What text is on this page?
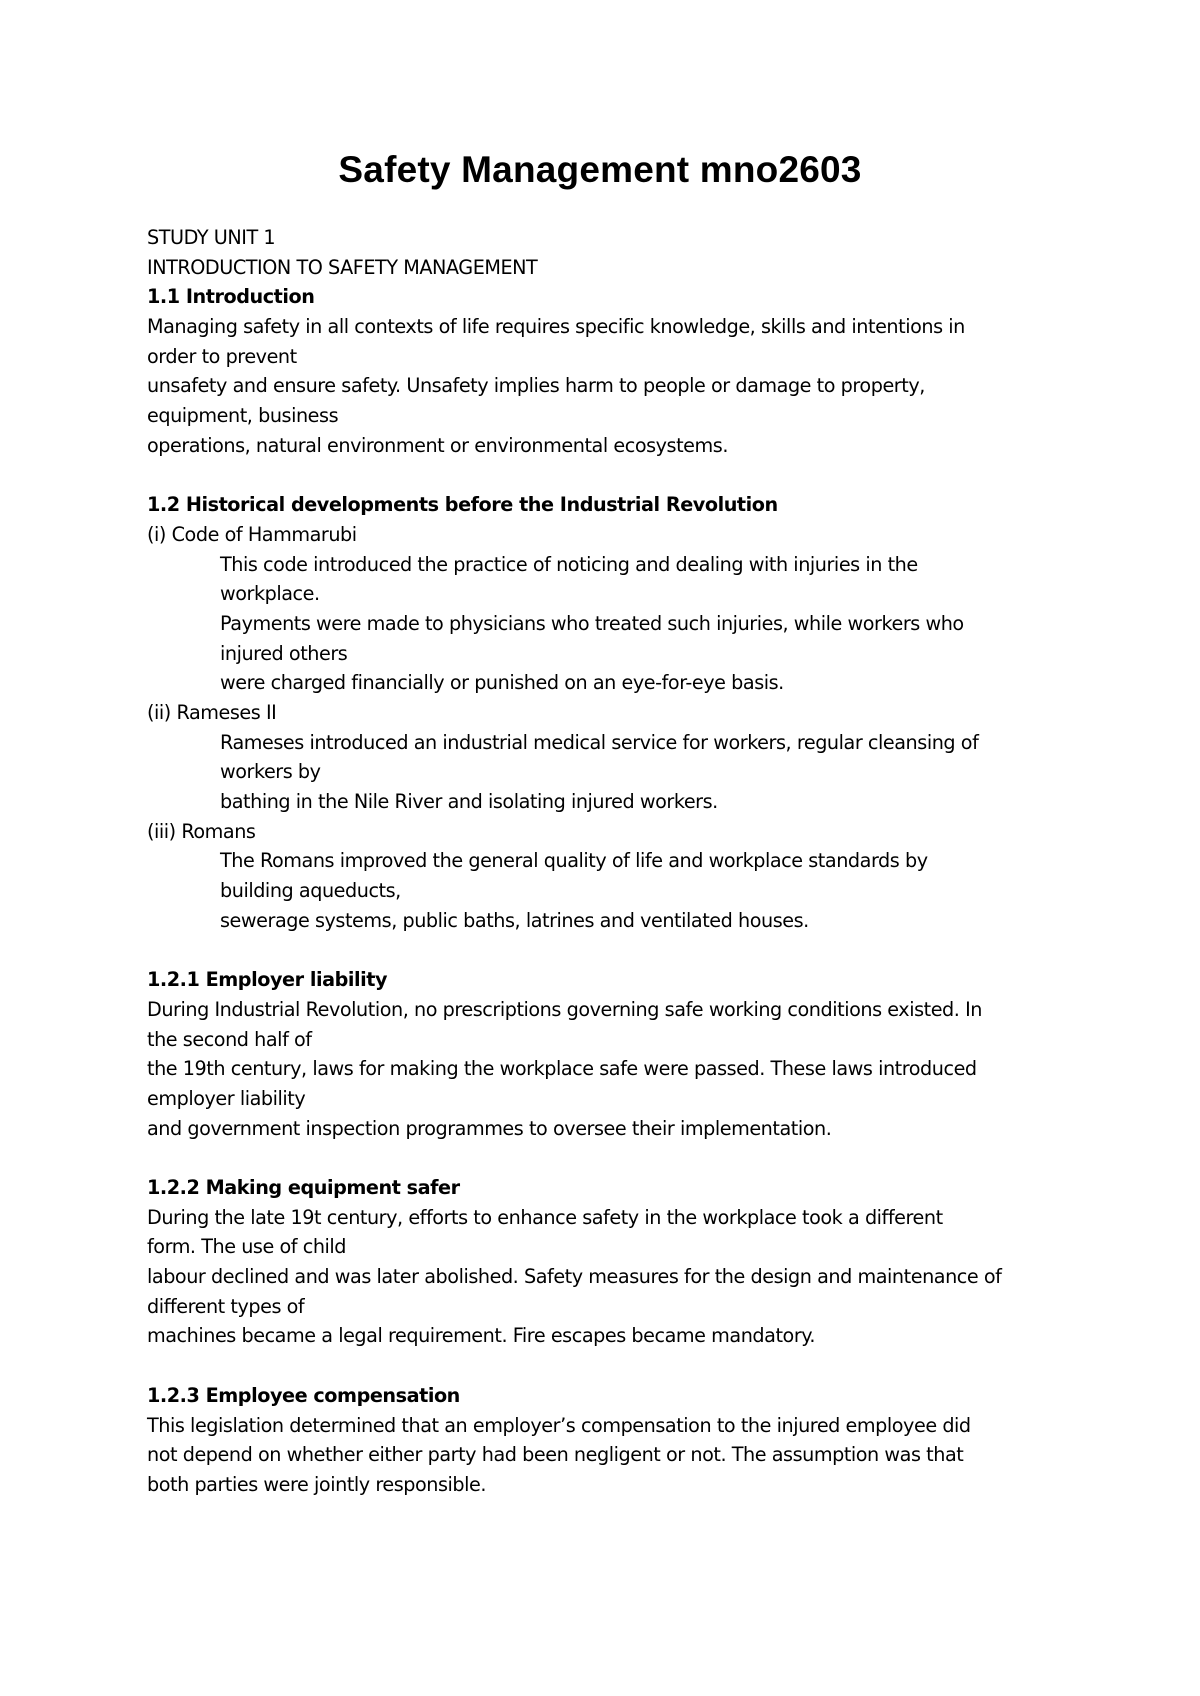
Safety Management mno2603
STUDY UNIT 1
INTRODUCTION TO SAFETY MANAGEMENT
1.1 Introduction
Managing safety in all contexts of life requires specific knowledge, skills and intentions in
order to prevent
unsafety and ensure safety. Unsafety implies harm to people or damage to property,
equipment, business
operations, natural environment or environmental ecosystems.
1.2 Historical developments before the Industrial Revolution
(i) Code of Hammarubi
This code introduced the practice of noticing and dealing with injuries in the
workplace.
Payments were made to physicians who treated such injuries, while workers who
injured others
were charged financially or punished on an eye-for-eye basis.
(ii) Rameses II
Rameses introduced an industrial medical service for workers, regular cleansing of
workers by
bathing in the Nile River and isolating injured workers.
(iii) Romans
The Romans improved the general quality of life and workplace standards by
building aqueducts,
sewerage systems, public baths, latrines and ventilated houses.
1.2.1 Employer liability
During Industrial Revolution, no prescriptions governing safe working conditions existed. In
the second half of
the 19th century, laws for making the workplace safe were passed. These laws introduced
employer liability
and government inspection programmes to oversee their implementation.
1.2.2 Making equipment safer
During the late 19t century, efforts to enhance safety in the workplace took a different
form. The use of child
labour declined and was later abolished. Safety measures for the design and maintenance of
different types of
machines became a legal requirement. Fire escapes became mandatory.
1.2.3 Employee compensation
This legislation determined that an employer’s compensation to the injured employee did
not depend on whether either party had been negligent or not. The assumption was that
both parties were jointly responsible.
